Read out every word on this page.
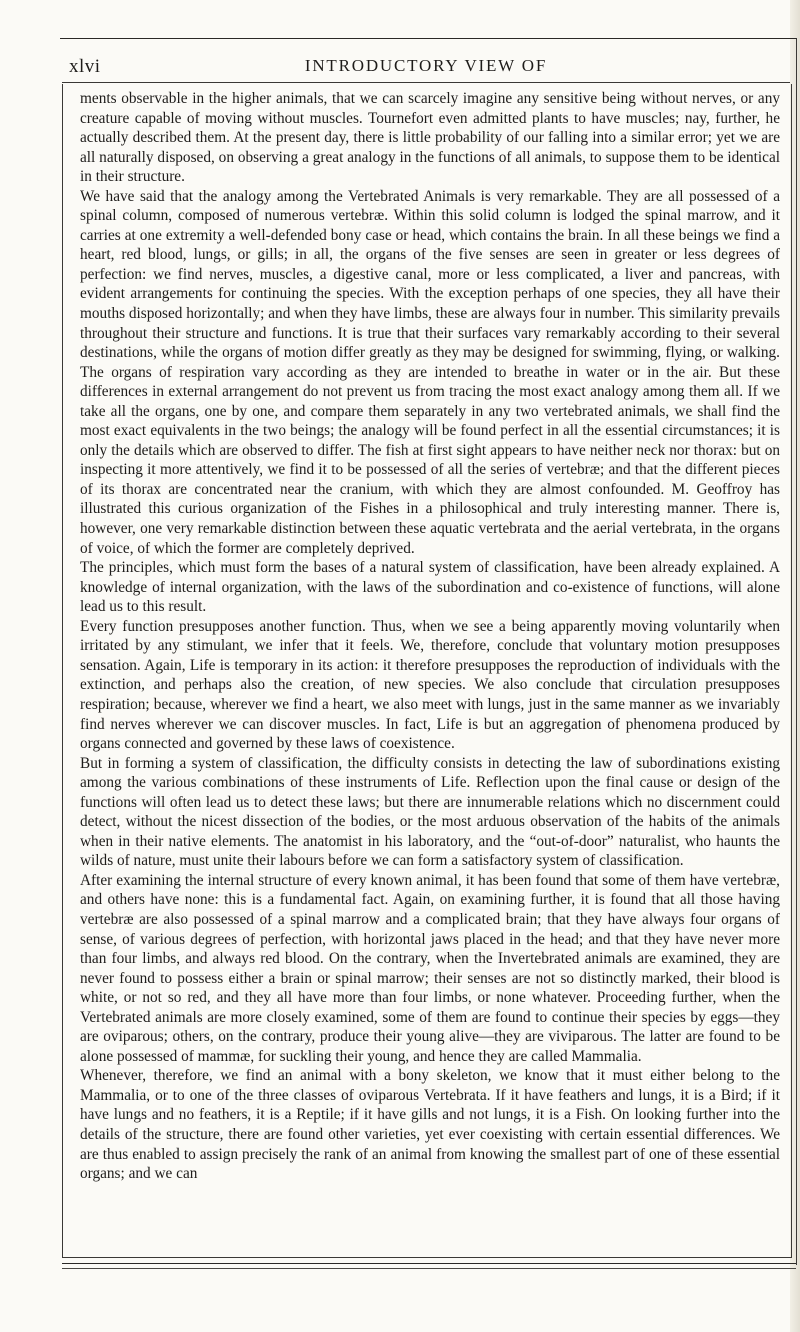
xlvi	INTRODUCTORY VIEW OF

ments observable in the higher animals, that we can scarcely imagine any sensitive being without nerves, or any creature capable of moving without muscles. Tournefort even admitted plants to have muscles; nay, further, he actually described them. At the present day, there is little probability of our falling into a similar error; yet we are all naturally disposed, on observing a great analogy in the functions of all animals, to suppose them to be identical in their structure.

We have said that the analogy among the Vertebrated Animals is very remarkable. They are all possessed of a spinal column, composed of numerous vertebræ. Within this solid column is lodged the spinal marrow, and it carries at one extremity a well-defended bony case or head, which contains the brain. In all these beings we find a heart, red blood, lungs, or gills; in all, the organs of the five senses are seen in greater or less degrees of perfection: we find nerves, muscles, a digestive canal, more or less complicated, a liver and pancreas, with evident arrangements for continuing the species. With the exception perhaps of one species, they all have their mouths disposed horizontally; and when they have limbs, these are always four in number. This similarity prevails throughout their structure and functions. It is true that their surfaces vary remarkably according to their several destinations, while the organs of motion differ greatly as they may be designed for swimming, flying, or walking. The organs of respiration vary according as they are intended to breathe in water or in the air. But these differences in external arrangement do not prevent us from tracing the most exact analogy among them all. If we take all the organs, one by one, and compare them separately in any two vertebrated animals, we shall find the most exact equivalents in the two beings; the analogy will be found perfect in all the essential circumstances; it is only the details which are observed to differ. The fish at first sight appears to have neither neck nor thorax: but on inspecting it more attentively, we find it to be possessed of all the series of vertebræ; and that the different pieces of its thorax are concentrated near the cranium, with which they are almost confounded. M. Geoffroy has illustrated this curious organization of the Fishes in a philosophical and truly interesting manner. There is, however, one very remarkable distinction between these aquatic vertebrata and the aerial vertebrata, in the organs of voice, of which the former are completely deprived.

The principles, which must form the bases of a natural system of classification, have been already explained. A knowledge of internal organization, with the laws of the subordination and co-existence of functions, will alone lead us to this result.

Every function presupposes another function. Thus, when we see a being apparently moving voluntarily when irritated by any stimulant, we infer that it feels. We, therefore, conclude that voluntary motion presupposes sensation. Again, Life is temporary in its action: it therefore presupposes the reproduction of individuals with the extinction, and perhaps also the creation, of new species. We also conclude that circulation presupposes respiration; because, wherever we find a heart, we also meet with lungs, just in the same manner as we invariably find nerves wherever we can discover muscles. In fact, Life is but an aggregation of phenomena produced by organs connected and governed by these laws of coexistence.

But in forming a system of classification, the difficulty consists in detecting the law of subordinations existing among the various combinations of these instruments of Life. Reflection upon the final cause or design of the functions will often lead us to detect these laws; but there are innumerable relations which no discernment could detect, without the nicest dissection of the bodies, or the most arduous observation of the habits of the animals when in their native elements. The anatomist in his laboratory, and the “out-of-door” naturalist, who haunts the wilds of nature, must unite their labours before we can form a satisfactory system of classification.

After examining the internal structure of every known animal, it has been found that some of them have vertebræ, and others have none: this is a fundamental fact. Again, on examining further, it is found that all those having vertebræ are also possessed of a spinal marrow and a complicated brain; that they have always four organs of sense, of various degrees of perfection, with horizontal jaws placed in the head; and that they have never more than four limbs, and always red blood. On the contrary, when the Invertebrated animals are examined, they are never found to possess either a brain or spinal marrow; their senses are not so distinctly marked, their blood is white, or not so red, and they all have more than four limbs, or none whatever. Proceeding further, when the Vertebrated animals are more closely examined, some of them are found to continue their species by eggs—they are oviparous; others, on the contrary, produce their young alive—they are viviparous. The latter are found to be alone possessed of mammæ, for suckling their young, and hence they are called Mammalia.

Whenever, therefore, we find an animal with a bony skeleton, we know that it must either belong to the Mammalia, or to one of the three classes of oviparous Vertebrata. If it have feathers and lungs, it is a Bird; if it have lungs and no feathers, it is a Reptile; if it have gills and not lungs, it is a Fish. On looking further into the details of the structure, there are found other varieties, yet ever coexisting with certain essential differences. We are thus enabled to assign precisely the rank of an animal from knowing the smallest part of one of these essential organs; and we can
